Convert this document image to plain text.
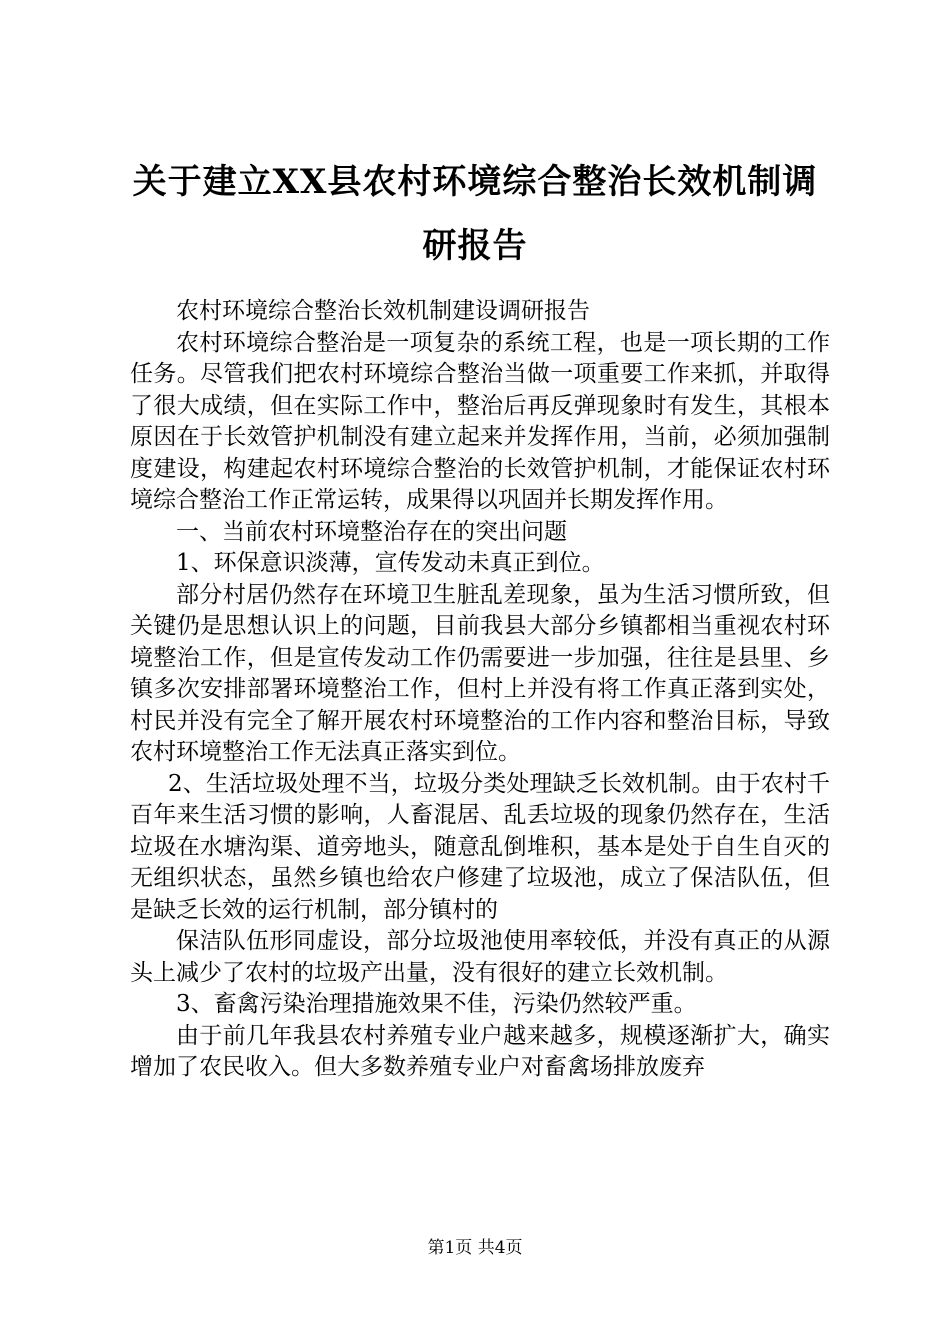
关于建立XX县农村环境综合整治长效机制调研报告

农村环境综合整治长效机制建设调研报告

农村环境综合整治是一项复杂的系统工程，也是一项长期的工作任务。尽管我们把农村环境综合整治当做一项重要工作来抓，并取得了很大成绩，但在实际工作中，整治后再反弹现象时有发生，其根本原因在于长效管护机制没有建立起来并发挥作用，当前，必须加强制度建设，构建起农村环境综合整治的长效管护机制，才能保证农村环境综合整治工作正常运转，成果得以巩固并长期发挥作用。

一、当前农村环境整治存在的突出问题

1、环保意识淡薄，宣传发动未真正到位。

部分村居仍然存在环境卫生脏乱差现象，虽为生活习惯所致，但关键仍是思想认识上的问题，目前我县大部分乡镇都相当重视农村环境整治工作，但是宣传发动工作仍需要进一步加强，往往是县里、乡镇多次安排部署环境整治工作，但村上并没有将工作真正落到实处，村民并没有完全了解开展农村环境整治的工作内容和整治目标，导致农村环境整治工作无法真正落实到位。

2、生活垃圾处理不当，垃圾分类处理缺乏长效机制。由于农村千百年来生活习惯的影响，人畜混居、乱丢垃圾的现象仍然存在，生活垃圾在水塘沟渠、道旁地头，随意乱倒堆积，基本是处于自生自灭的无组织状态，虽然乡镇也给农户修建了垃圾池，成立了保洁队伍，但是缺乏长效的运行机制，部分镇村的

保洁队伍形同虚设，部分垃圾池使用率较低，并没有真正的从源头上减少了农村的垃圾产出量，没有很好的建立长效机制。

3、畜禽污染治理措施效果不佳，污染仍然较严重。

由于前几年我县农村养殖专业户越来越多，规模逐渐扩大，确实增加了农民收入。但大多数养殖专业户对畜禽场排放废弃

第1页 共4页
